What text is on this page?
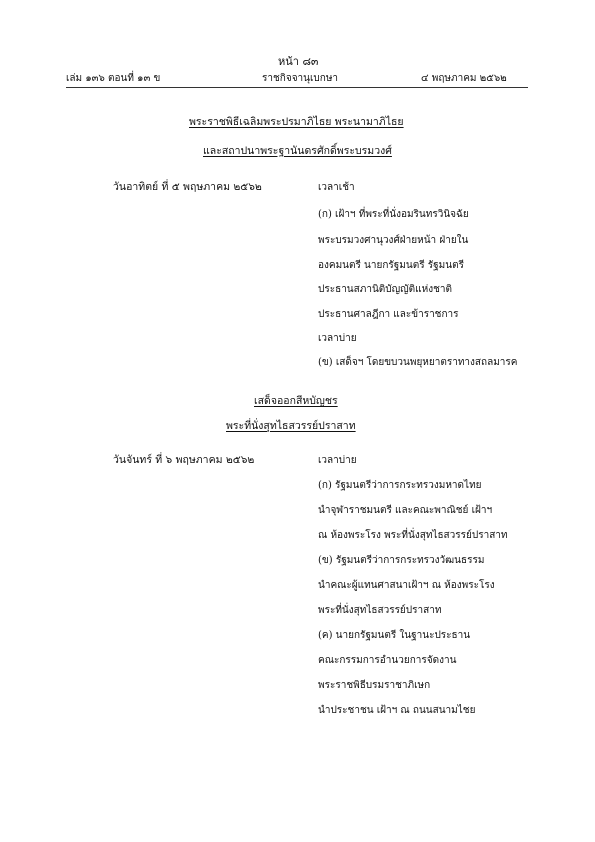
หน้า ๘๓
เล่ม ๑๓๖ ตอนที่ ๑๓ ข	ราชกิจจานุเบกษา	๔ พฤษภาคม ๒๕๖๒
พระราชพิธีเฉลิมพระปรมาภิไธย พระนามาภิไธย
และสถาปนาพระฐานันดรศักดิ์พระบรมวงศ์
วันอาทิตย์ ที่ ๕ พฤษภาคม ๒๕๖๒	เวลาเช้า
(ก) เฝ้าฯ ที่พระที่นั่งอมรินทรวินิจฉัย
พระบรมวงศานุวงศ์ฝ่ายหน้า ฝ่ายใน
องคมนตรี นายกรัฐมนตรี รัฐมนตรี
ประธานสภานิติบัญญัติแห่งชาติ
ประธานศาลฎีกา และข้าราชการ
เวลาบ่าย
(ข) เสด็จฯ โดยขบวนพยุหยาตราทางสถลมารค
เสด็จออกสีหบัญชร
พระที่นั่งสุทไธสวรรย์ปราสาท
วันจันทร์ ที่ ๖ พฤษภาคม ๒๕๖๒	เวลาบ่าย
(ก) รัฐมนตรีว่าการกระทรวงมหาดไทย
นำจุฬาราชมนตรี และคณะพาณิชย์ เฝ้าฯ
ณ ห้องพระโรง พระที่นั่งสุทไธสวรรย์ปราสาท
(ข) รัฐมนตรีว่าการกระทรวงวัฒนธรรม
นำคณะผู้แทนศาสนาเฝ้าฯ ณ ห้องพระโรง
พระที่นั่งสุทไธสวรรย์ปราสาท
(ค) นายกรัฐมนตรี ในฐานะประธาน
คณะกรรมการอำนวยการจัดงาน
พระราชพิธีบรมราชาภิเษก
นำประชาชน เฝ้าฯ ณ ถนนสนามไชย
